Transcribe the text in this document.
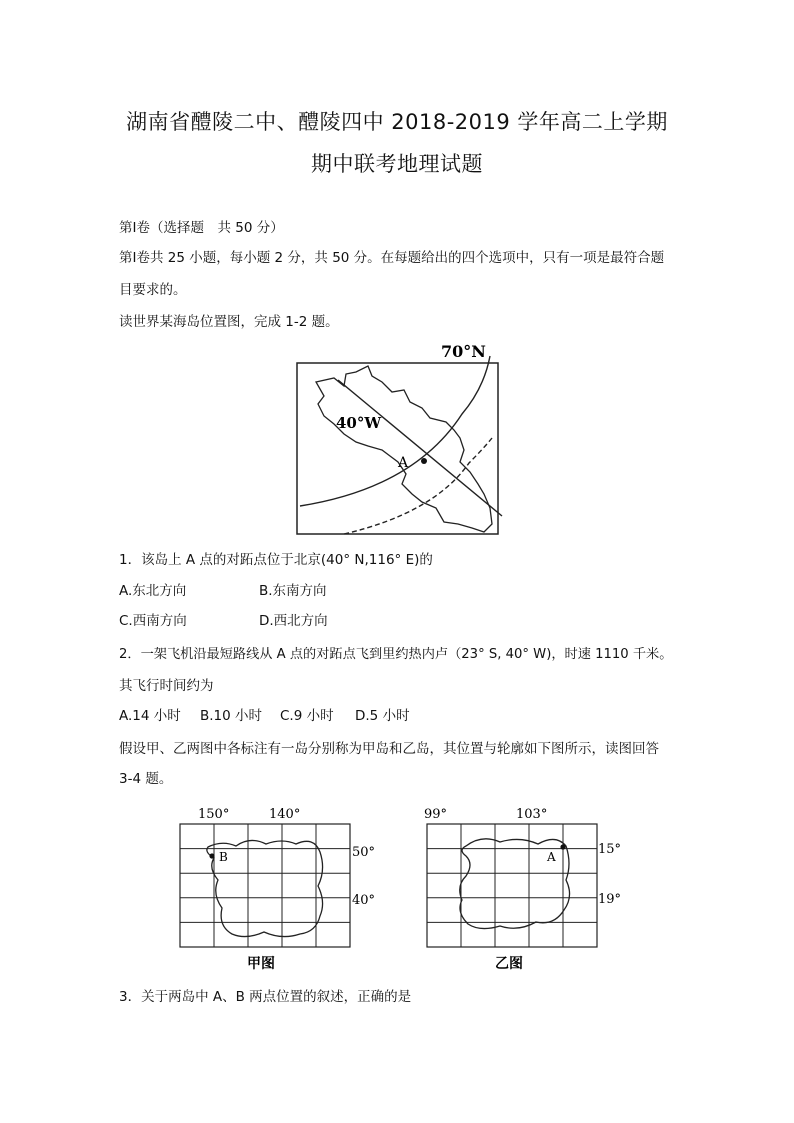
湖南省醴陵二中、醴陵四中 2018-2019 学年高二上学期
期中联考地理试题
第Ⅰ卷（选择题　共 50 分）
第Ⅰ卷共 25 小题，每小题 2 分，共 50 分。在每题给出的四个选项中，只有一项是最符合题
目要求的。
读世界某海岛位置图，完成 1-2 题。
70°N
40°W
A
1．该岛上 A 点的对跖点位于北京(40° N,116° E)的
A.东北方向	B.东南方向
C.西南方向	D.西北方向
2．一架飞机沿最短路线从 A 点的对跖点飞到里约热内卢（23° S, 40° W)，时速 1110 千米。
其飞行时间约为
A.14 小时 B.10 小时 C.9 小时 D.5 小时
假设甲、乙两图中各标注有一岛分别称为甲岛和乙岛，其位置与轮廓如下图所示，读图回答
3-4 题。
150°	140°
50°
40°
B
甲图
99°	103°
15°
19°
A
乙图
3．关于两岛中 A、B 两点位置的叙述，正确的是
